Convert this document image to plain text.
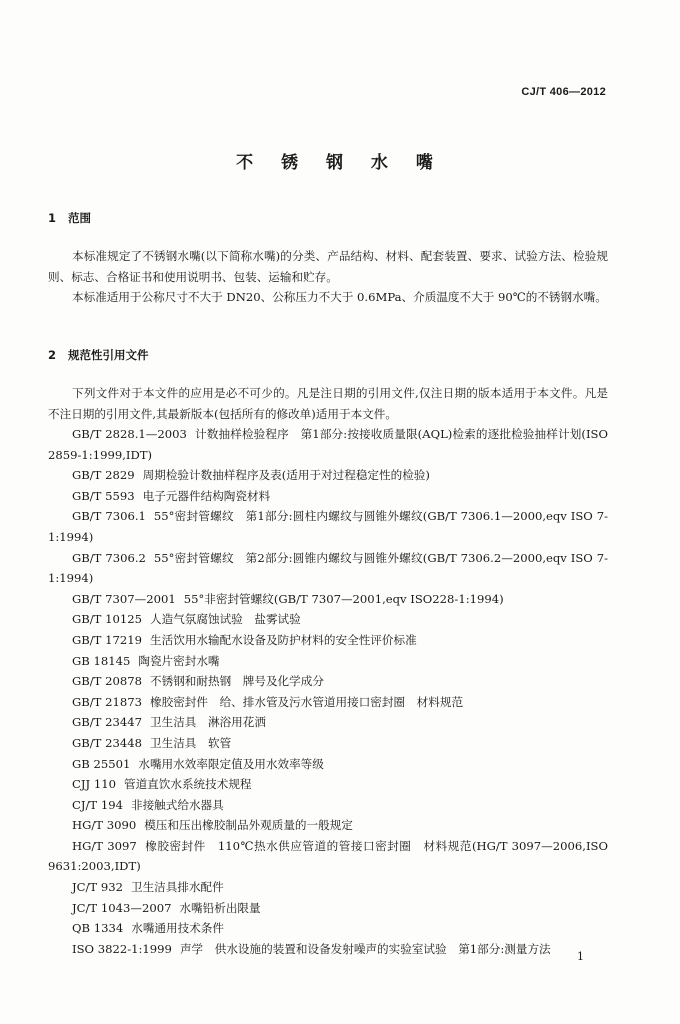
CJ/T 406—2012
不 锈 钢 水 嘴
1 范围
本标准规定了不锈钢水嘴(以下简称水嘴)的分类、产品结构、材料、配套装置、要求、试验方法、检验规则、标志、合格证书和使用说明书、包装、运输和贮存。
本标准适用于公称尺寸不大于 DN20、公称压力不大于 0.6MPa、介质温度不大于 90℃的不锈钢水嘴。
2 规范性引用文件
下列文件对于本文件的应用是必不可少的。凡是注日期的引用文件,仅注日期的版本适用于本文件。凡是不注日期的引用文件,其最新版本(包括所有的修改单)适用于本文件。
GB/T 2828.1—2003 计数抽样检验程序　第1部分:按接收质量限(AQL)检索的逐批检验抽样计划(ISO 2859-1:1999,IDT)
GB/T 2829 周期检验计数抽样程序及表(适用于对过程稳定性的检验)
GB/T 5593 电子元器件结构陶瓷材料
GB/T 7306.1 55°密封管螺纹　第1部分:圆柱内螺纹与圆锥外螺纹(GB/T 7306.1—2000,eqv ISO 7-1:1994)
GB/T 7306.2 55°密封管螺纹　第2部分:圆锥内螺纹与圆锥外螺纹(GB/T 7306.2—2000,eqv ISO 7-1:1994)
GB/T 7307—2001 55°非密封管螺纹(GB/T 7307—2001,eqv ISO228-1:1994)
GB/T 10125 人造气氛腐蚀试验　盐雾试验
GB/T 17219 生活饮用水输配水设备及防护材料的安全性评价标准
GB 18145 陶瓷片密封水嘴
GB/T 20878 不锈钢和耐热钢　牌号及化学成分
GB/T 21873 橡胶密封件　给、排水管及污水管道用接口密封圈　材料规范
GB/T 23447 卫生洁具　淋浴用花洒
GB/T 23448 卫生洁具　软管
GB 25501 水嘴用水效率限定值及用水效率等级
CJJ 110 管道直饮水系统技术规程
CJ/T 194 非接触式给水器具
HG/T 3090 模压和压出橡胶制品外观质量的一般规定
HG/T 3097 橡胶密封件　110℃热水供应管道的管接口密封圈　材料规范(HG/T 3097—2006,ISO 9631:2003,IDT)
JC/T 932 卫生洁具排水配件
JC/T 1043—2007 水嘴铅析出限量
QB 1334 水嘴通用技术条件
ISO 3822-1:1999 声学　供水设施的装置和设备发射噪声的实验室试验　第1部分:测量方法
1
